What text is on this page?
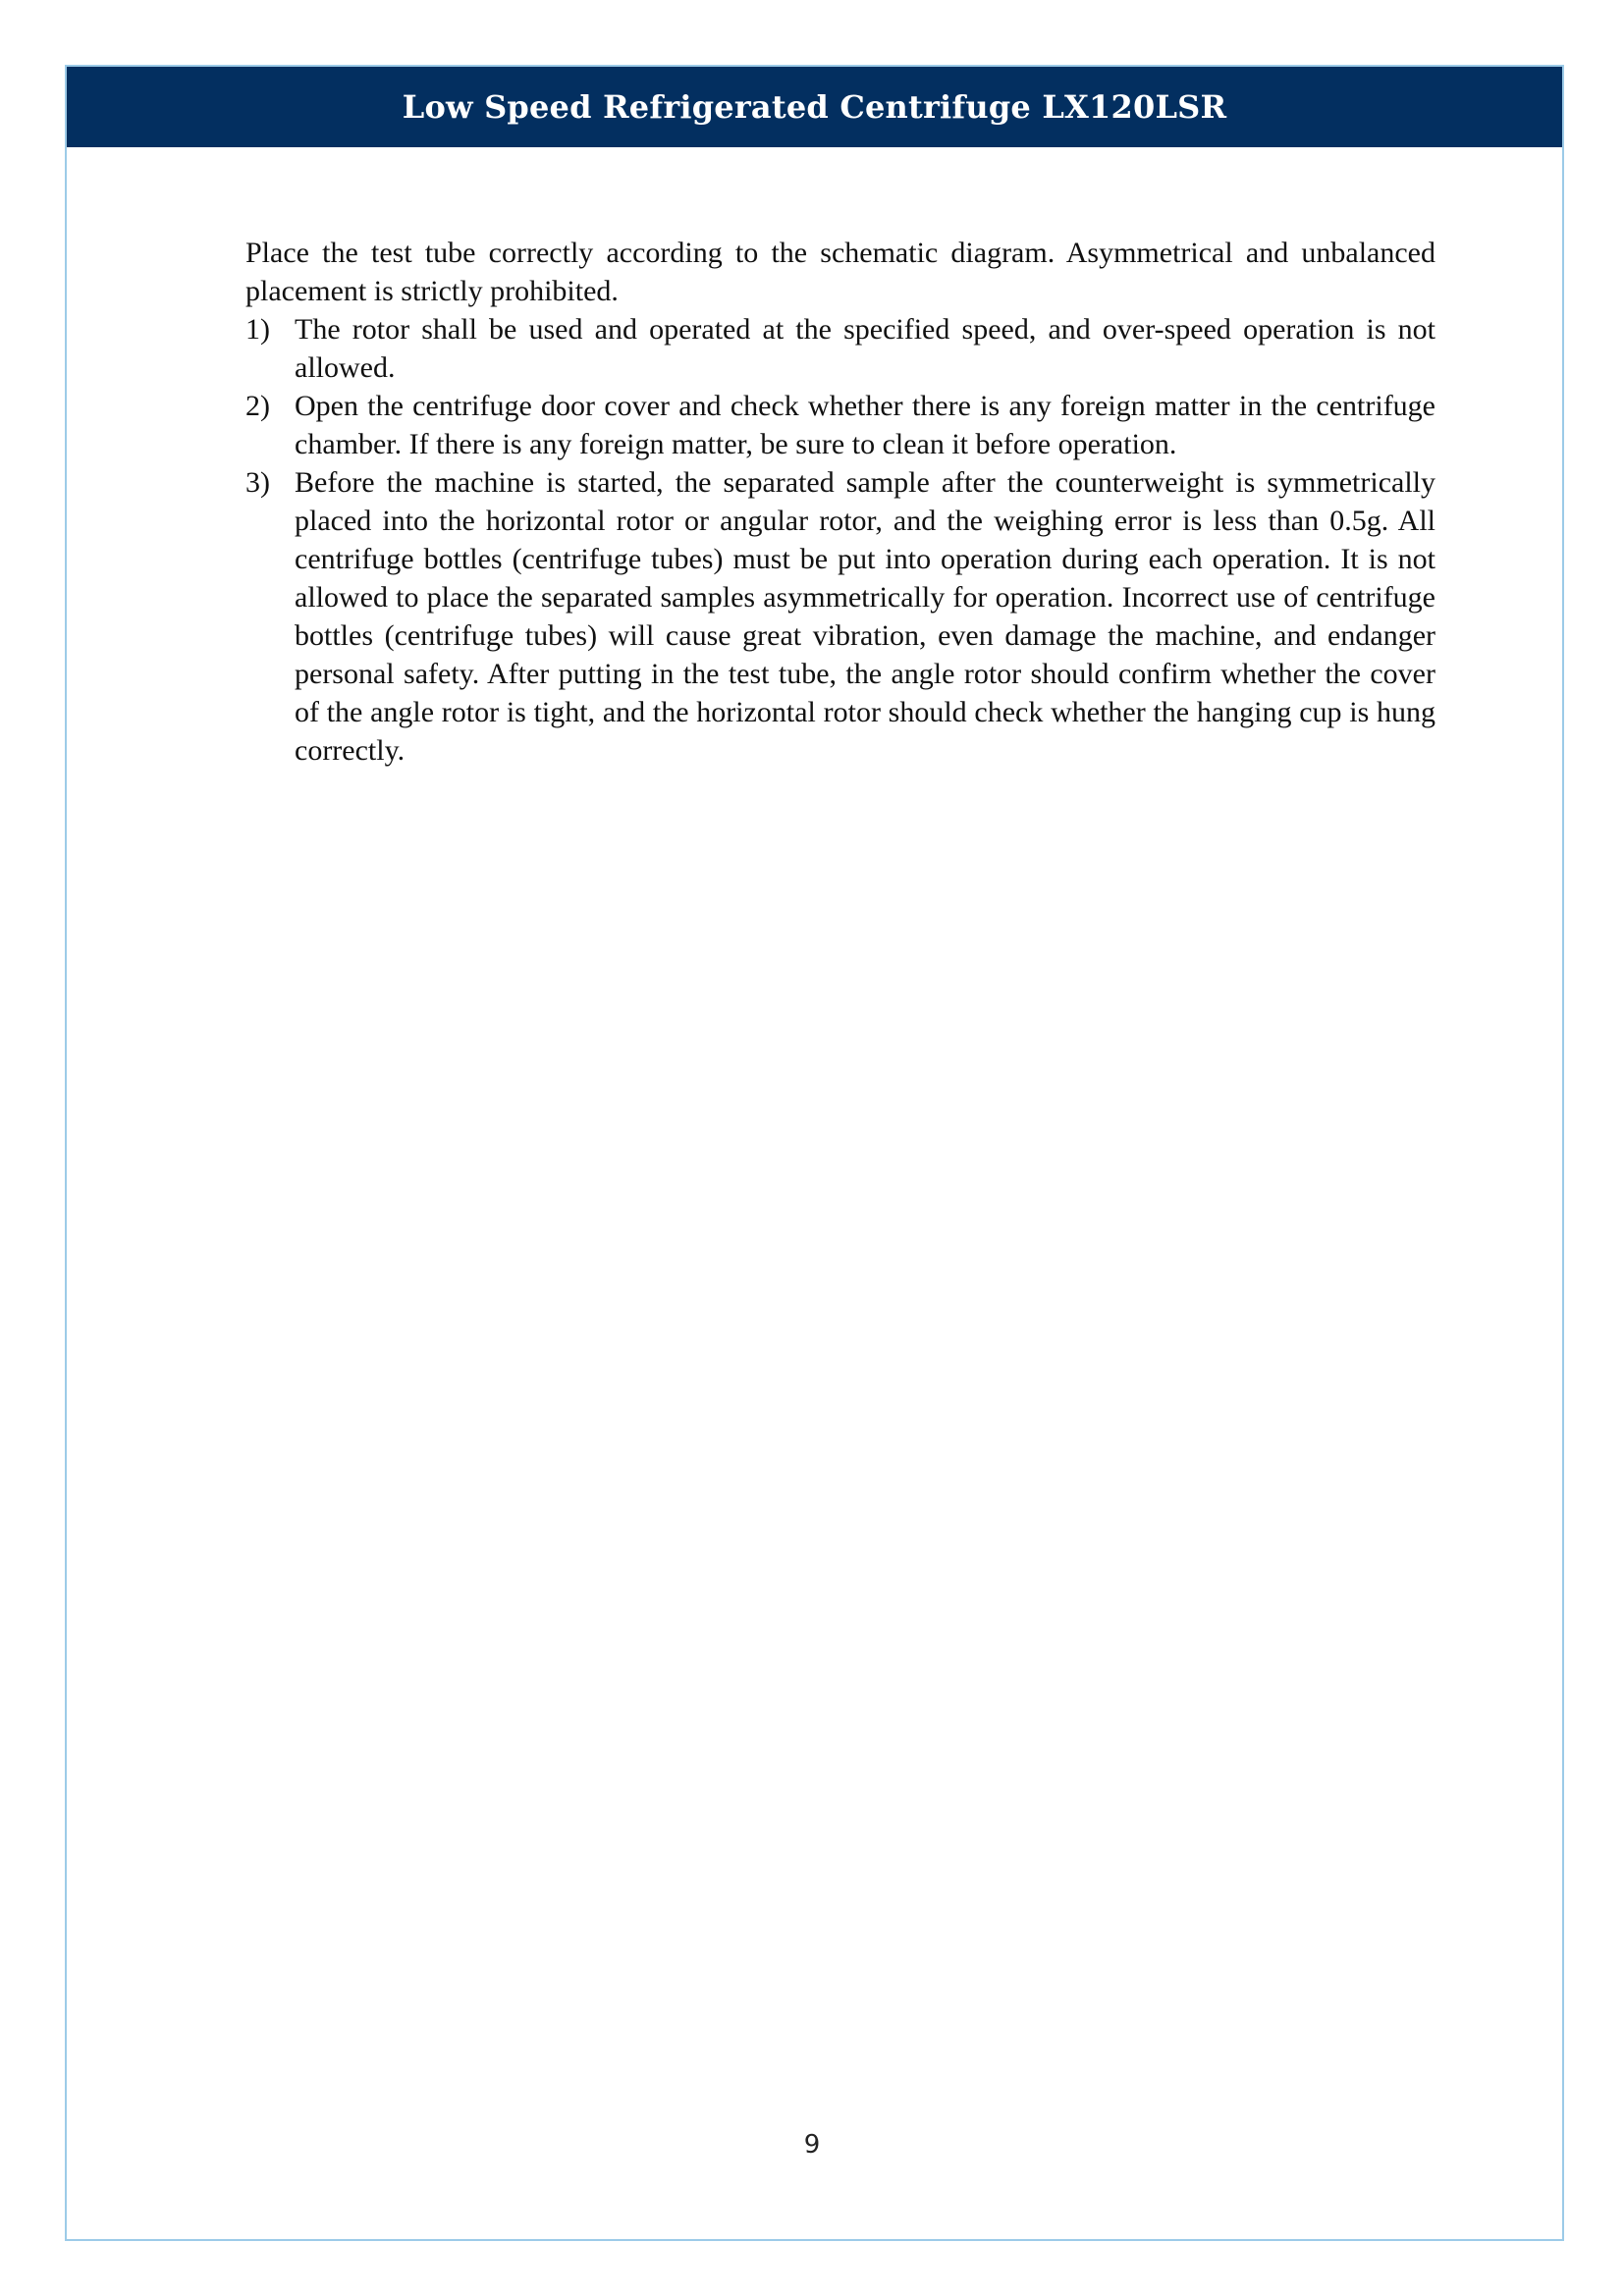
Low Speed Refrigerated Centrifuge LX120LSR

Place the test tube correctly according to the schematic diagram. Asymmetrical and unbalanced placement is strictly prohibited.

1) The rotor shall be used and operated at the specified speed, and over-speed operation is not allowed.
2) Open the centrifuge door cover and check whether there is any foreign matter in the centrifuge chamber. If there is any foreign matter, be sure to clean it before operation.
3) Before the machine is started, the separated sample after the counterweight is symmetrically placed into the horizontal rotor or angular rotor, and the weighing error is less than 0.5g. All centrifuge bottles (centrifuge tubes) must be put into operation during each operation. It is not allowed to place the separated samples asymmetrically for operation. Incorrect use of centrifuge bottles (centrifuge tubes) will cause great vibration, even damage the machine, and endanger personal safety. After putting in the test tube, the angle rotor should confirm whether the cover of the angle rotor is tight, and the horizontal rotor should check whether the hanging cup is hung correctly.
9
